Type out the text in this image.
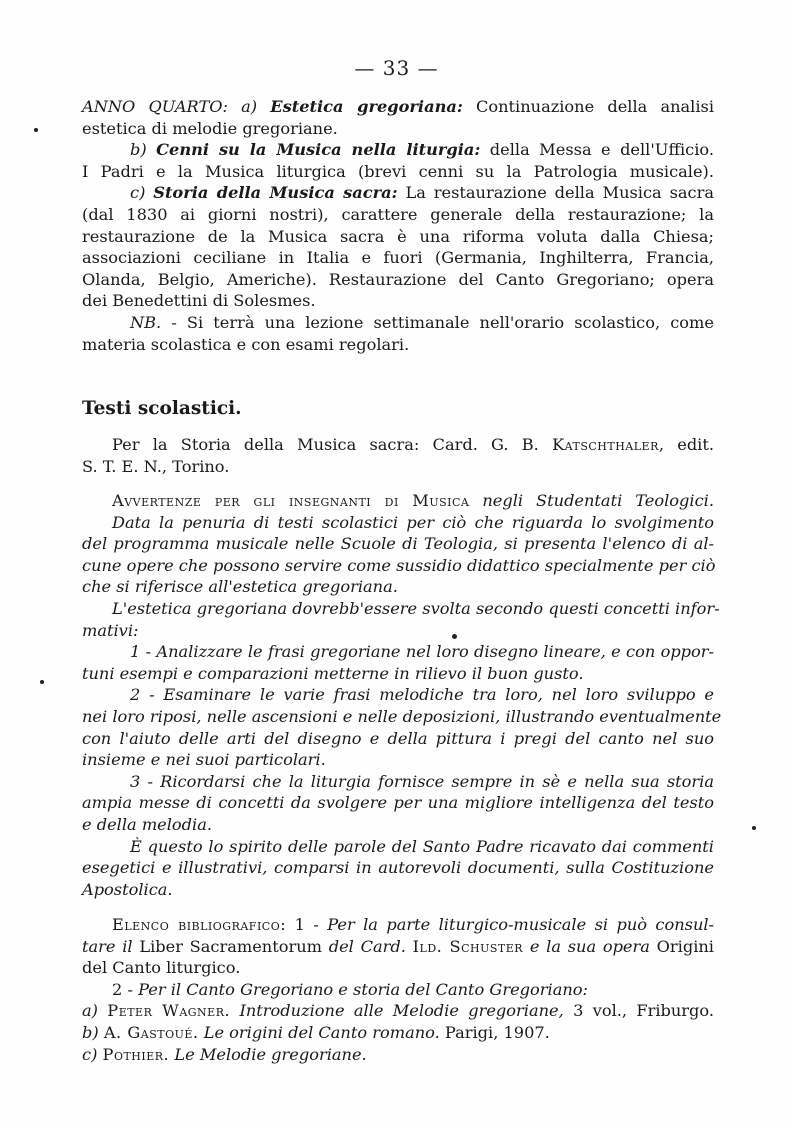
— 33 —
ANNO QUARTO: a) Estetica gregoriana: Continuazione della analisi
estetica di melodie gregoriane.
b) Cenni su la Musica nella liturgia: della Messa e dell'Ufficio.
I Padri e la Musica liturgica (brevi cenni su la Patrologia musicale).
c) Storia della Musica sacra: La restaurazione della Musica sacra
(dal 1830 ai giorni nostri), carattere generale della restaurazione; la
restaurazione de la Musica sacra è una riforma voluta dalla Chiesa;
associazioni ceciliane in Italia e fuori (Germania, Inghilterra, Francia,
Olanda, Belgio, Americhe). Restaurazione del Canto Gregoriano; opera
dei Benedettini di Solesmes.
NB. - Si terrà una lezione settimanale nell'orario scolastico, come
materia scolastica e con esami regolari.
Testi scolastici.
Per la Storia della Musica sacra: Card. G. B. Katschthaler, edit.
S. T. E. N., Torino.
Avvertenze per gli insegnanti di Musica negli Studentati Teologici.
Data la penuria di testi scolastici per ciò che riguarda lo svolgimento
del programma musicale nelle Scuole di Teologia, si presenta l'elenco di al-
cune opere che possono servire come sussidio didattico specialmente per ciò
che si riferisce all'estetica gregoriana.
L'estetica gregoriana dovrebb'essere svolta secondo questi concetti infor-
mativi:
1 - Analizzare le frasi gregoriane nel loro disegno lineare, e con oppor-
tuni esempi e comparazioni metterne in rilievo il buon gusto.
2 - Esaminare le varie frasi melodiche tra loro, nel loro sviluppo e
nei loro riposi, nelle ascensioni e nelle deposizioni, illustrando eventualmente
con l'aiuto delle arti del disegno e della pittura i pregi del canto nel suo
insieme e nei suoi particolari.
3 - Ricordarsi che la liturgia fornisce sempre in sè e nella sua storia
ampia messe di concetti da svolgere per una migliore intelligenza del testo
e della melodia.
È questo lo spirito delle parole del Santo Padre ricavato dai commenti
esegetici e illustrativi, comparsi in autorevoli documenti, sulla Costituzione
Apostolica.
Elenco bibliografico: 1 - Per la parte liturgico-musicale si può consul-
tare il Liber Sacramentorum del Card. Ild. Schuster e la sua opera Origini
del Canto liturgico.
2 - Per il Canto Gregoriano e storia del Canto Gregoriano:
a) Peter Wagner. Introduzione alle Melodie gregoriane, 3 vol., Friburgo.
b) A. Gastoué. Le origini del Canto romano. Parigi, 1907.
c) Pothier. Le Melodie gregoriane.
